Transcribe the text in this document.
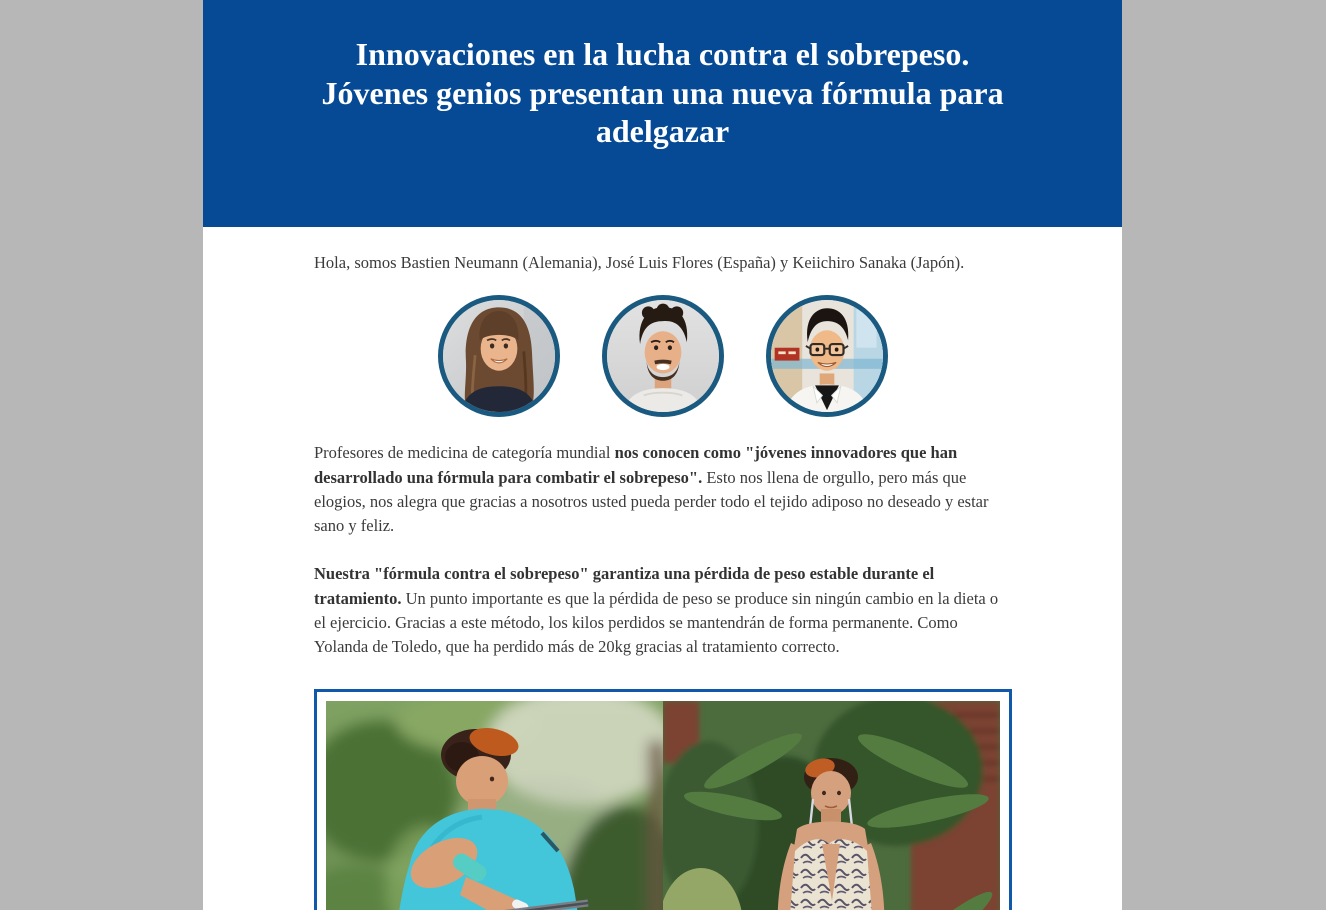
Innovaciones en la lucha contra el sobrepeso.
Jóvenes genios presentan una nueva fórmula para
adelgazar

Hola, somos Bastien Neumann (Alemania), José Luis Flores (España) y Keiichiro Sanaka (Japón).

Profesores de medicina de categoría mundial nos conocen como "jóvenes innovadores que han desarrollado una fórmula para combatir el sobrepeso". Esto nos llena de orgullo, pero más que elogios, nos alegra que gracias a nosotros usted pueda perder todo el tejido adiposo no deseado y estar sano y feliz.

Nuestra "fórmula contra el sobrepeso" garantiza una pérdida de peso estable durante el tratamiento. Un punto importante es que la pérdida de peso se produce sin ningún cambio en la dieta o el ejercicio. Gracias a este método, los kilos perdidos se mantendrán de forma permanente. Como Yolanda de Toledo, que ha perdido más de 20kg gracias al tratamiento correcto.
